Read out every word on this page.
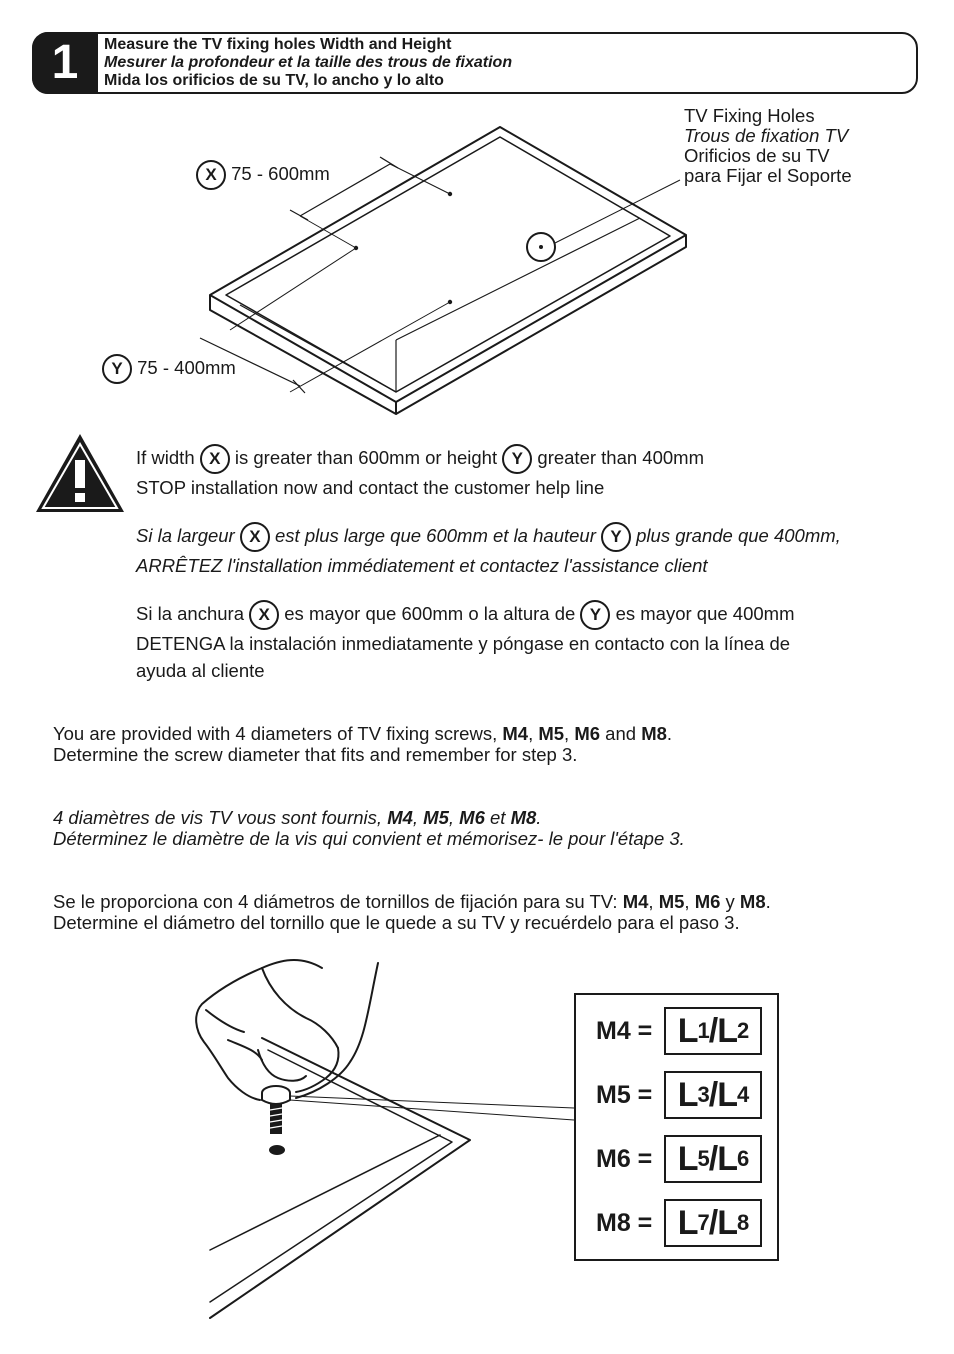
1	Measure the TV fixing holes Width and Height
Mesurer la profondeur et la taille des trous de fixation
Mida los orificios de su TV, lo ancho y lo alto
TV Fixing Holes
Trous de fixation TV
Orificios de su TV
para Fijar el Soporte
X 75 - 600mm
Y 75 - 400mm

If width X is greater than 600mm or height Y greater than 400mm
STOP installation now and contact the customer help line

Si la largeur X est plus large que 600mm et la hauteur Y plus grande que 400mm,
ARRÊTEZ l'installation immédiatement et contactez l'assistance client

Si la anchura X es mayor que 600mm o la altura de Y es mayor que 400mm
DETENGA la instalación inmediatamente y póngase en contacto con la línea de
ayuda al cliente

You are provided with 4 diameters of TV fixing screws, M4, M5, M6 and M8.
Determine the screw diameter that fits and remember for step 3.
4 diamètres de vis TV vous sont fournis, M4, M5, M6 et M8.
Déterminez le diamètre de la vis qui convient et mémorisez- le pour l'étape 3.
Se le proporciona con 4 diámetros de tornillos de fijación para su TV: M4, M5, M6 y M8.
Determine el diámetro del tornillo que le quede a su TV y recuérdelo para el paso 3.
M4 = L 1 / L 2
M5 = L 3 / L 4
M6 = L 5 / L 6
M8 = L 7 / L 8
